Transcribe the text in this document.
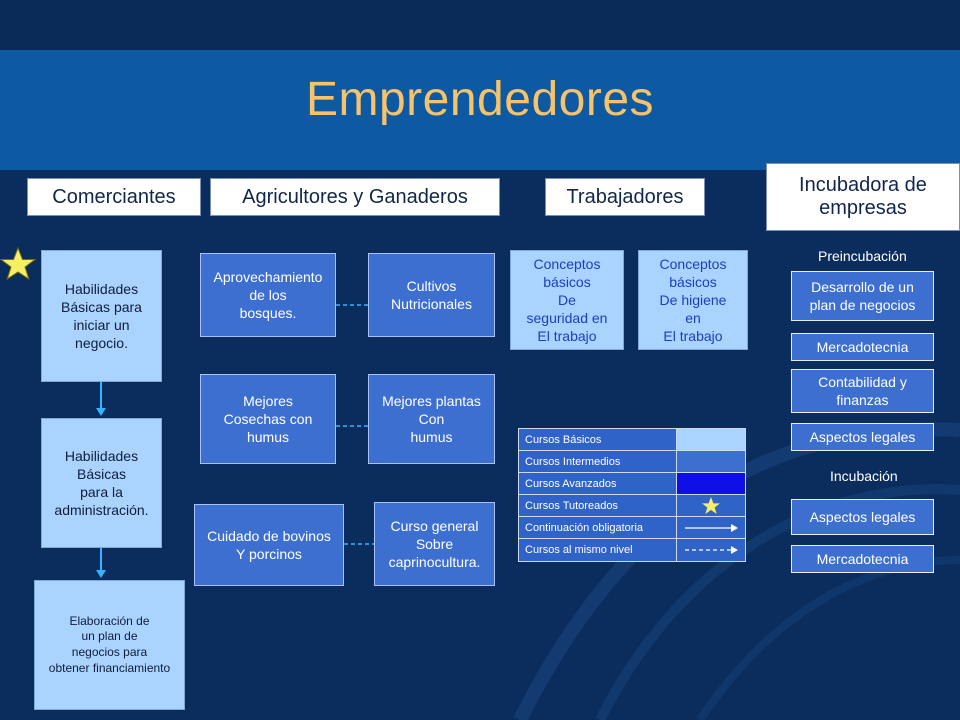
Emprendedores
Comerciantes	Agricultores y Ganaderos	Trabajadores
Incubadora de
empresas
Habilidades
Básicas para
iniciar un
negocio.
Habilidades
Básicas
para la
administración.
Elaboración de
un plan de
negocios para
obtener financiamiento
Aprovechamiento
de los
bosques.
Cultivos
Nutricionales
Mejores
Cosechas con
humus
Mejores plantas
Con
humus
Cuidado de bovinos
Y porcinos
Curso general
Sobre
caprinocultura.
Conceptos
básicos
De
seguridad en
El trabajo
Conceptos
básicos
De higiene
en
El trabajo
Cursos Básicos
Cursos Intermedios
Cursos Avanzados
Cursos Tutoreados
Continuación obligatoria
Cursos al mismo nivel
Preincubación
Desarrollo de un
plan de negocios
Mercadotecnia
Contabilidad y
finanzas
Aspectos legales
Incubación
Aspectos legales
Mercadotecnia
